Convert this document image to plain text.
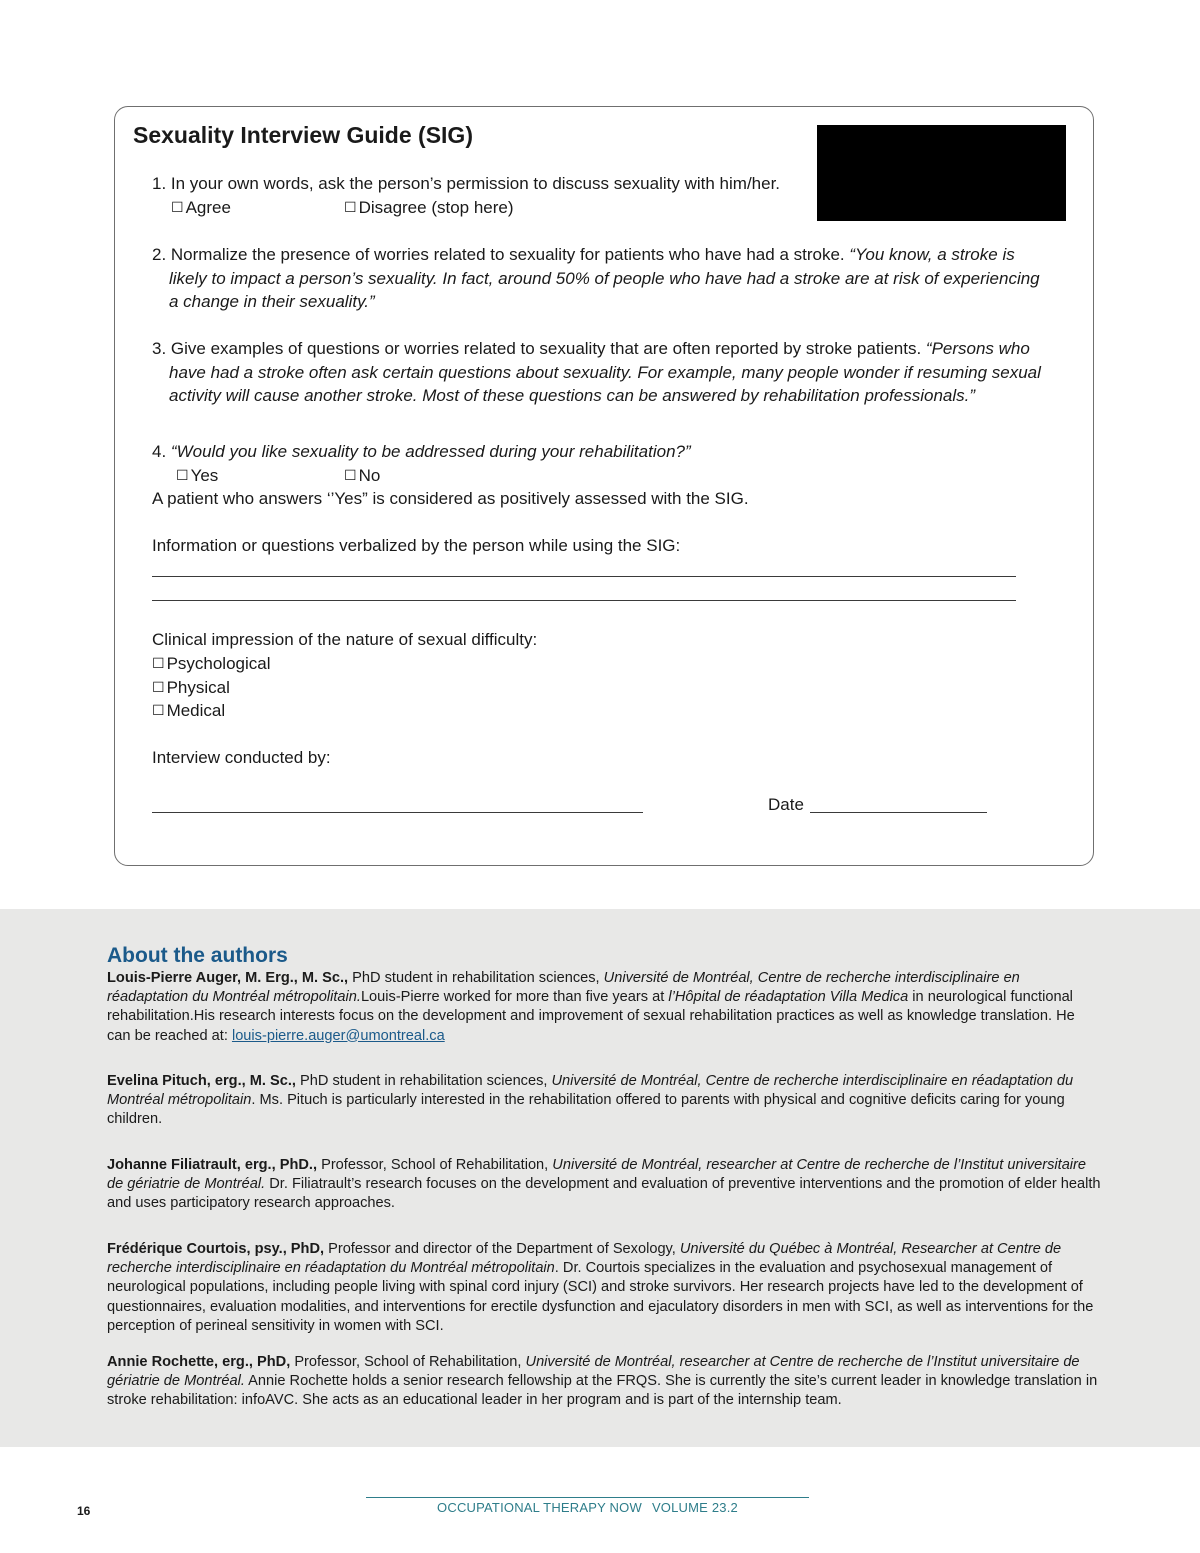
Sexuality Interview Guide (SIG)
1. In your own words, ask the person’s permission to discuss sexuality with him/her.
☐ Agree	☐ Disagree (stop here)
2. Normalize the presence of worries related to sexuality for patients who have had a stroke. “You know, a stroke is
likely to impact a person’s sexuality. In fact, around 50% of people who have had a stroke are at risk of experiencing
a change in their sexuality.”
3. Give examples of questions or worries related to sexuality that are often reported by stroke patients. “Persons who
have had a stroke often ask certain questions about sexuality. For example, many people wonder if resuming sexual
activity will cause another stroke. Most of these questions can be answered by rehabilitation professionals.”
4. “Would you like sexuality to be addressed during your rehabilitation?”
☐ Yes	☐ No
A patient who answers ‘’Yes” is considered as positively assessed with the SIG.
Information or questions verbalized by the person while using the SIG:
Clinical impression of the nature of sexual difficulty:
☐ Psychological
☐ Physical
☐ Medical
Interview conducted by:
Date
About the authors
Louis-Pierre Auger, M. Erg., M. Sc., PhD student in rehabilitation sciences, Université de Montréal, Centre de recherche interdisciplinaire en réadaptation du Montréal métropolitain.Louis-Pierre worked for more than five years at l’Hôpital de réadaptation Villa Medica in neurological functional rehabilitation.His research interests focus on the development and improvement of sexual rehabilitation practices as well as knowledge translation. He can be reached at: louis-pierre.auger@umontreal.ca
Evelina Pituch, erg., M. Sc., PhD student in rehabilitation sciences, Université de Montréal, Centre de recherche interdisciplinaire en réadaptation du Montréal métropolitain. Ms. Pituch is particularly interested in the rehabilitation offered to parents with physical and cognitive deficits caring for young children.
Johanne Filiatrault, erg., PhD., Professor, School of Rehabilitation, Université de Montréal, researcher at Centre de recherche de l’Institut universitaire de gériatrie de Montréal. Dr. Filiatrault’s research focuses on the development and evaluation of preventive interventions and the promotion of elder health and uses participatory research approaches.
Frédérique Courtois, psy., PhD, Professor and director of the Department of Sexology, Université du Québec à Montréal, Researcher at Centre de recherche interdisciplinaire en réadaptation du Montréal métropolitain. Dr. Courtois specializes in the evaluation and psychosexual management of neurological populations, including people living with spinal cord injury (SCI) and stroke survivors. Her research projects have led to the development of questionnaires, evaluation modalities, and interventions for erectile dysfunction and ejaculatory disorders in men with SCI, as well as interventions for the perception of perineal sensitivity in women with SCI.
Annie Rochette, erg., PhD, Professor, School of Rehabilitation, Université de Montréal, researcher at Centre de recherche de l’Institut universitaire de gériatrie de Montréal. Annie Rochette holds a senior research fellowship at the FRQS. She is currently the site’s current leader in knowledge translation in stroke rehabilitation: infoAVC. She acts as an educational leader in her program and is part of the internship team.
16	OCCUPATIONAL THERAPY NOW VOLUME 23.2
